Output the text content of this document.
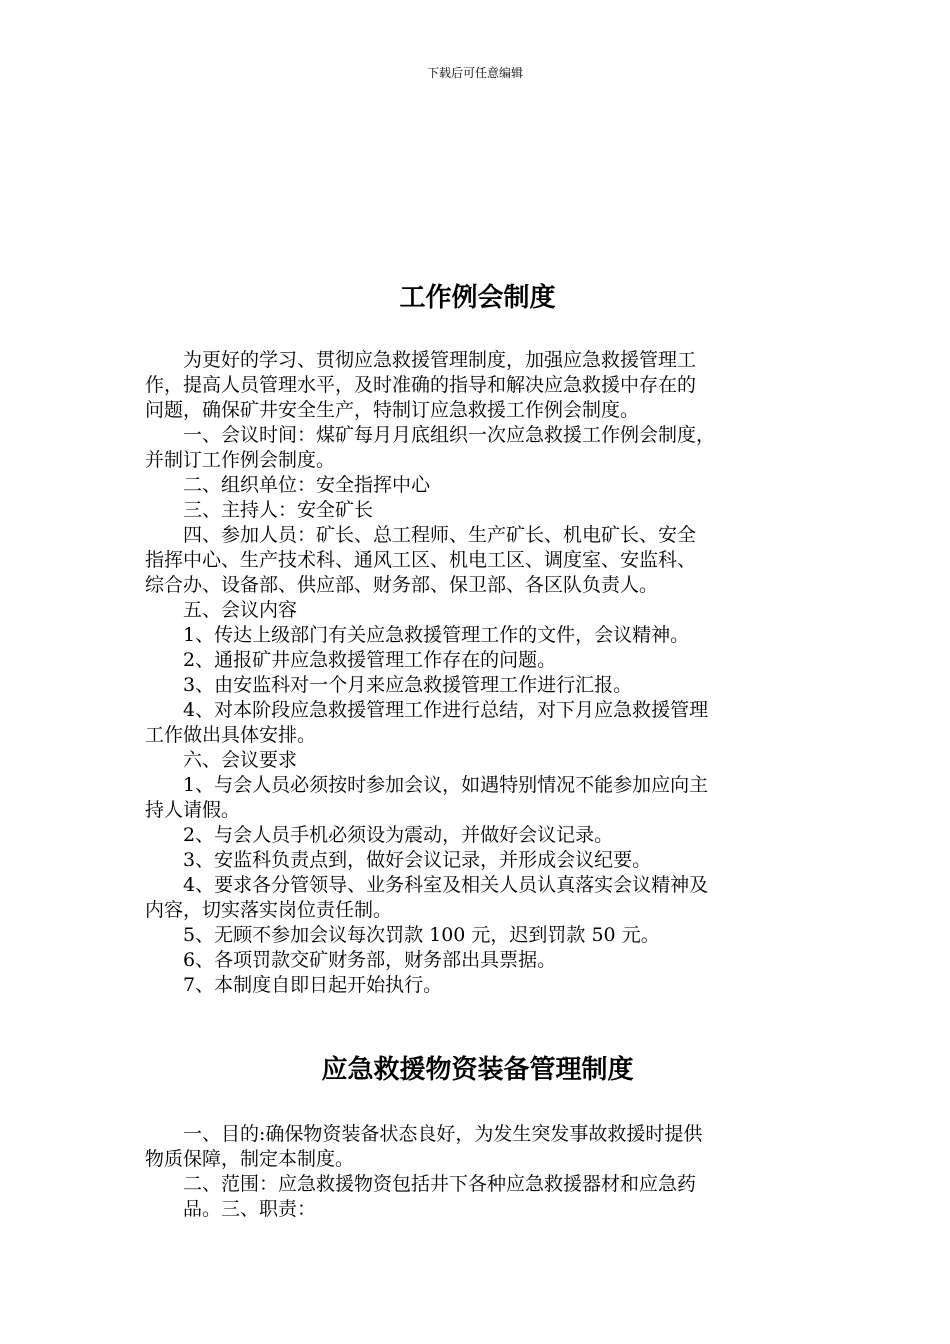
下载后可任意编辑
工作例会制度
为更好的学习、贯彻应急救援管理制度，加强应急救援管理工
作，提高人员管理水平，及时准确的指导和解决应急救援中存在的
问题，确保矿井安全生产，特制订应急救援工作例会制度。
一、会议时间：煤矿每月月底组织一次应急救援工作例会制度，
并制订工作例会制度。
二、组织单位：安全指挥中心
三、主持人：安全矿长
四、参加人员：矿长、总工程师、生产矿长、机电矿长、安全
指挥中心、生产技术科、通风工区、机电工区、调度室、安监科、
综合办、设备部、供应部、财务部、保卫部、各区队负责人。
五、会议内容
1、传达上级部门有关应急救援管理工作的文件，会议精神。
2、通报矿井应急救援管理工作存在的问题。
3、由安监科对一个月来应急救援管理工作进行汇报。
4、对本阶段应急救援管理工作进行总结，对下月应急救援管理
工作做出具体安排。
六、会议要求
1、与会人员必须按时参加会议，如遇特别情况不能参加应向主
持人请假。
2、与会人员手机必须设为震动，并做好会议记录。
3、安监科负责点到，做好会议记录，并形成会议纪要。
4、要求各分管领导、业务科室及相关人员认真落实会议精神及
内容，切实落实岗位责任制。
5、无顾不参加会议每次罚款 100 元，迟到罚款 50 元。
6、各项罚款交矿财务部，财务部出具票据。
7、本制度自即日起开始执行。
应急救援物资装备管理制度
一、目的:确保物资装备状态良好，为发生突发事故救援时提供
物质保障，制定本制度。
二、范围：应急救援物资包括井下各种应急救援器材和应急药
品。三、职责：
